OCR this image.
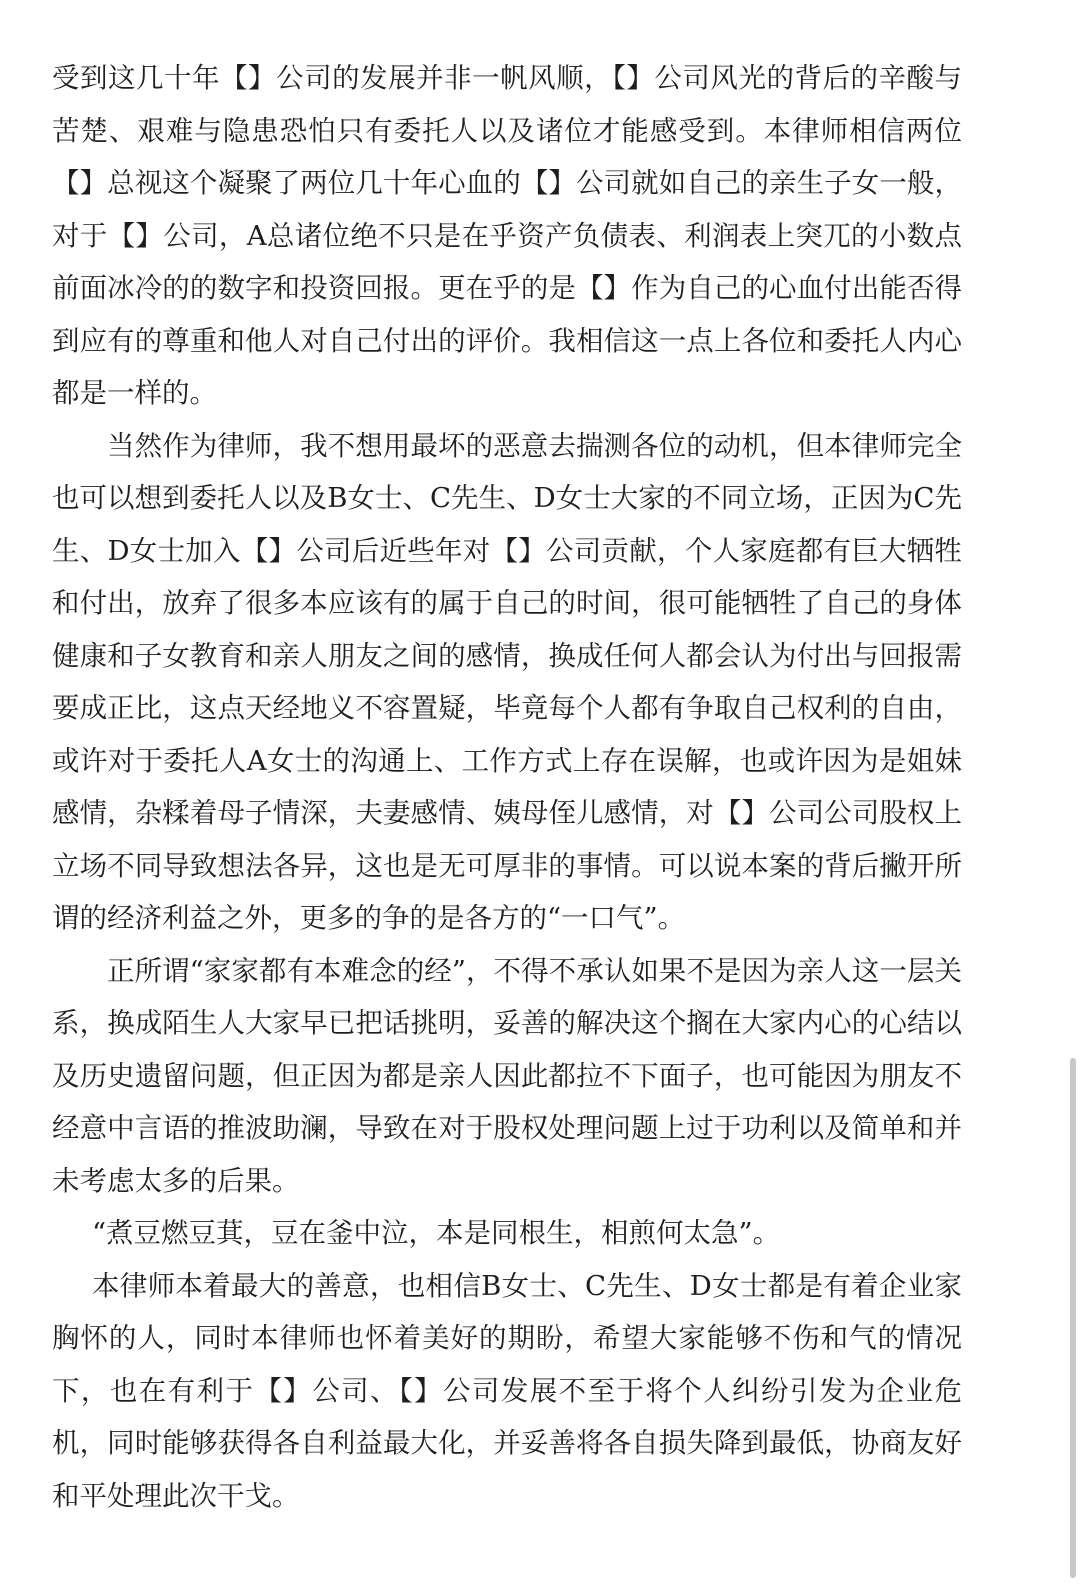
受到这几十年【】公司的发展并非一帆风顺，【】公司风光的背后的辛酸与苦楚、艰难与隐患恐怕只有委托人以及诸位才能感受到。本律师相信两位【】总视这个凝聚了两位几十年心血的【】公司就如自己的亲生子女一般，对于【】公司，A总诸位绝不只是在乎资产负债表、利润表上突兀的小数点前面冰冷的的数字和投资回报。更在乎的是【】作为自己的心血付出能否得到应有的尊重和他人对自己付出的评价。我相信这一点上各位和委托人内心都是一样的。

当然作为律师，我不想用最坏的恶意去揣测各位的动机，但本律师完全也可以想到委托人以及B女士、C先生、D女士大家的不同立场，正因为C先生、D女士加入【】公司后近些年对【】公司贡献，个人家庭都有巨大牺牲和付出，放弃了很多本应该有的属于自己的时间，很可能牺牲了自己的身体健康和子女教育和亲人朋友之间的感情，换成任何人都会认为付出与回报需要成正比，这点天经地义不容置疑，毕竟每个人都有争取自己权利的自由，或许对于委托人A女士的沟通上、工作方式上存在误解，也或许因为是姐妹感情，杂糅着母子情深，夫妻感情、姨母侄儿感情，对【】公司公司股权上立场不同导致想法各异，这也是无可厚非的事情。可以说本案的背后撇开所谓的经济利益之外，更多的争的是各方的“一口气”。

正所谓“家家都有本难念的经”，不得不承认如果不是因为亲人这一层关系，换成陌生人大家早已把话挑明，妥善的解决这个搁在大家内心的心结以及历史遗留问题，但正因为都是亲人因此都拉不下面子，也可能因为朋友不经意中言语的推波助澜，导致在对于股权处理问题上过于功利以及简单和并未考虑太多的后果。

“煮豆燃豆萁，豆在釜中泣，本是同根生，相煎何太急”。

本律师本着最大的善意，也相信B女士、C先生、D女士都是有着企业家胸怀的人，同时本律师也怀着美好的期盼，希望大家能够不伤和气的情况下，也在有利于【】公司、【】公司发展不至于将个人纠纷引发为企业危机，同时能够获得各自利益最大化，并妥善将各自损失降到最低，协商友好和平处理此次干戈。
